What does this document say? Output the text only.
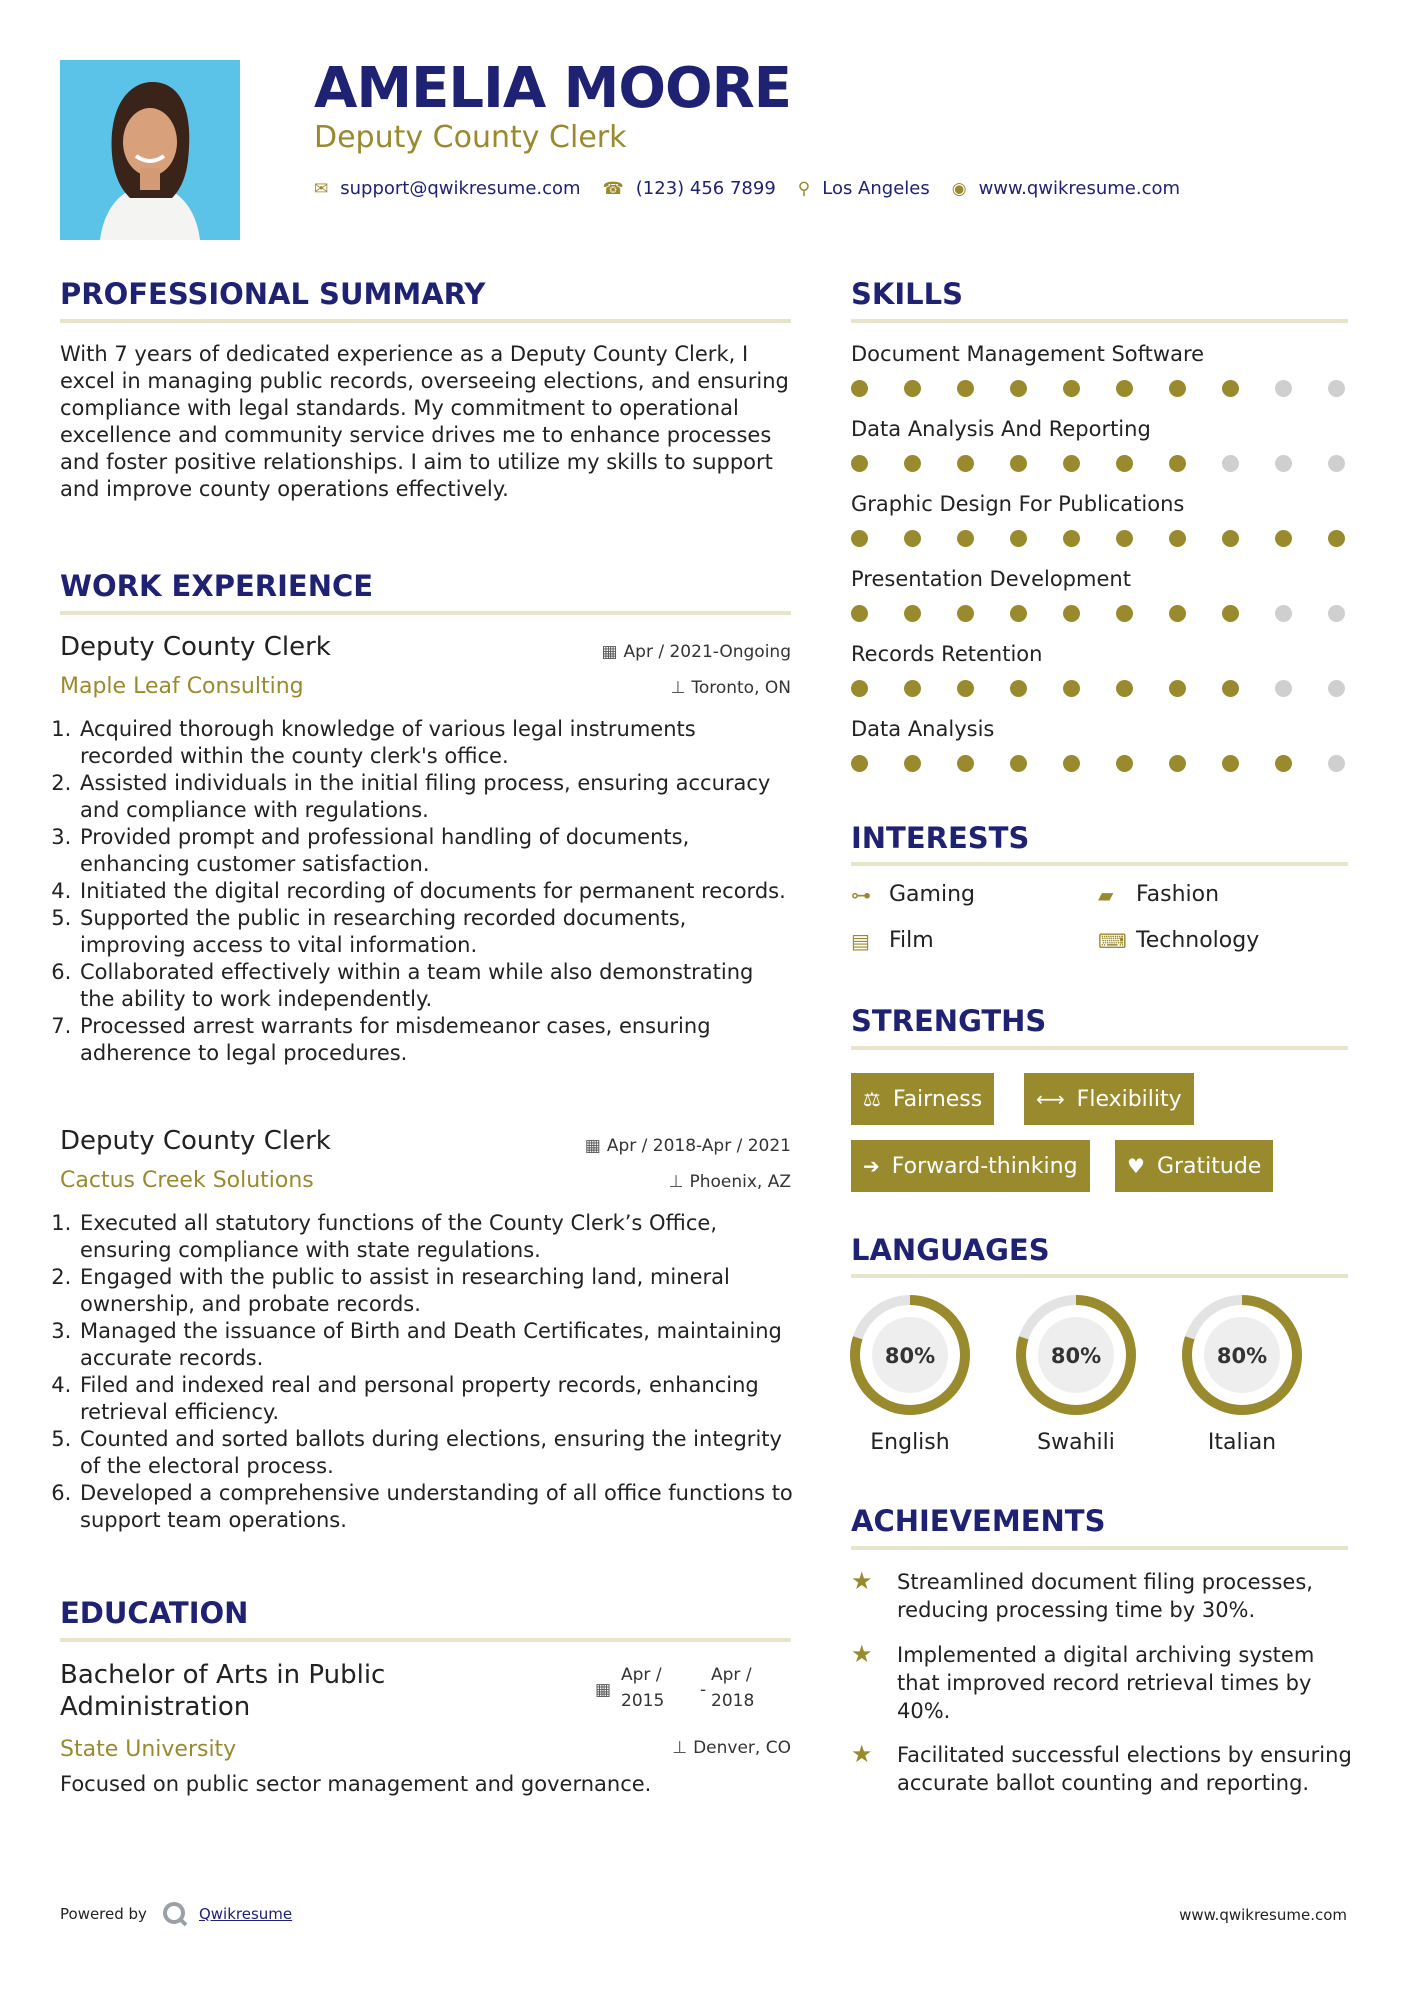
AMELIA MOORE
Deputy County Clerk
✉ support@qwikresume.com ☎ (123) 456 7899 ⚲ Los Angeles ◉ www.qwikresume.com
PROFESSIONAL SUMMARY
With 7 years of dedicated experience as a Deputy County Clerk, I excel in managing public records, overseeing elections, and ensuring compliance with legal standards. My commitment to operational excellence and community service drives me to enhance processes and foster positive relationships. I aim to utilize my skills to support and improve county operations effectively.
WORK EXPERIENCE
Deputy County Clerk
Maple Leaf Consulting
▦ Apr / 2021-Ongoing
⊥ Toronto, ON
1. Acquired thorough knowledge of various legal instruments recorded within the county clerk's office.
2. Assisted individuals in the initial filing process, ensuring accuracy and compliance with regulations.
3. Provided prompt and professional handling of documents, enhancing customer satisfaction.
4. Initiated the digital recording of documents for permanent records.
5. Supported the public in researching recorded documents, improving access to vital information.
6. Collaborated effectively within a team while also demonstrating the ability to work independently.
7. Processed arrest warrants for misdemeanor cases, ensuring adherence to legal procedures.
Deputy County Clerk
Cactus Creek Solutions
▦ Apr / 2018-Apr / 2021
⊥ Phoenix, AZ
1. Executed all statutory functions of the County Clerk’s Office, ensuring compliance with state regulations.
2. Engaged with the public to assist in researching land, mineral ownership, and probate records.
3. Managed the issuance of Birth and Death Certificates, maintaining accurate records.
4. Filed and indexed real and personal property records, enhancing retrieval efficiency.
5. Counted and sorted ballots during elections, ensuring the integrity of the electoral process.
6. Developed a comprehensive understanding of all office functions to support team operations.
EDUCATION
Bachelor of Arts in Public
Administration
State University
▦
Apr /
2015
-
Apr /
2018
⊥ Denver, CO
Focused on public sector management and governance.
SKILLS
Document Management Software
Data Analysis And Reporting
Graphic Design For Publications
Presentation Development
Records Retention
Data Analysis
INTERESTS
⊶ Gaming	▰	Fashion
▤ Film	⌨ Technology
STRENGTHS
⚖ Fairness	⟷ Flexibility
➔ Forward-thinking ♥ Gratitude
LANGUAGES
80%
English
80%
Swahili
80%
Italian
ACHIEVEMENTS
★	Streamlined document filing processes, reducing processing time by 30%.
★	Implemented a digital archiving system that improved record retrieval times by 40%.
★	Facilitated successful elections by ensuring accurate ballot counting and reporting.
Powered by	Qwikresume	www.qwikresume.com
